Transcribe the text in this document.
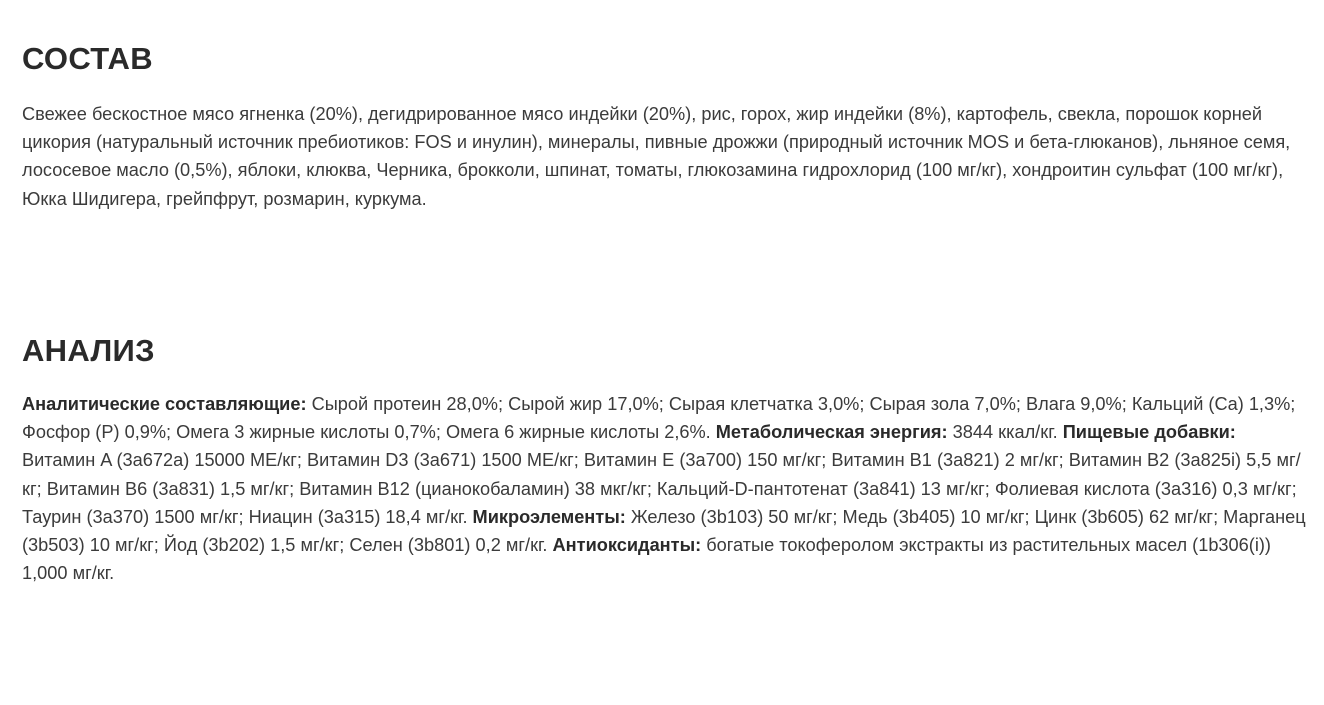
СОСТАВ

Свежее бескостное мясо ягненка (20%), дегидрированное мясо индейки (20%), рис, горох, жир индейки (8%), картофель, свекла, порошок корней цикория (натуральный источник пребиотиков: FOS и инулин), минералы, пивные дрожжи (природный источник MOS и бета-глюканов), льняное семя, лососевое масло (0,5%), яблоки, клюква, Черника, брокколи, шпинат, томаты, глюкозамина гидрохлорид (100 мг/кг), хондроитин сульфат (100 мг/кг), Юкка Шидигера, грейпфрут, розмарин, куркума.

АНАЛИЗ

Аналитические составляющие: Сырой протеин 28,0%; Сырой жир 17,0%; Сырая клетчатка 3,0%; Сырая зола 7,0%; Влага 9,0%; Кальций (Ca) 1,3%; Фосфор (P) 0,9%; Омега 3 жирные кислоты 0,7%; Омега 6 жирные кислоты 2,6%. Метаболическая энергия: 3844 ккал/кг. Пищевые добавки: Витамин A (3a672a) 15000 МЕ/кг; Витамин D3 (3a671) 1500 МЕ/кг; Витамин E (3a700) 150 мг/кг; Витамин B1 (3a821) 2 мг/кг; Витамин B2 (3a825i) 5,5 мг/кг; Витамин B6 (3a831) 1,5 мг/кг; Витамин B12 (цианокобаламин) 38 мкг/кг; Кальций-D-пантотенат (3a841) 13 мг/кг; Фолиевая кислота (3a316) 0,3 мг/кг; Таурин (3a370) 1500 мг/кг; Ниацин (3a315) 18,4 мг/кг. Микроэлементы: Железо (3b103) 50 мг/кг; Медь (3b405) 10 мг/кг; Цинк (3b605) 62 мг/кг; Марганец (3b503) 10 мг/кг; Йод (3b202) 1,5 мг/кг; Селен (3b801) 0,2 мг/кг. Антиоксиданты: богатые токоферолом экстракты из растительных масел (1b306(i)) 1,000 мг/кг.
